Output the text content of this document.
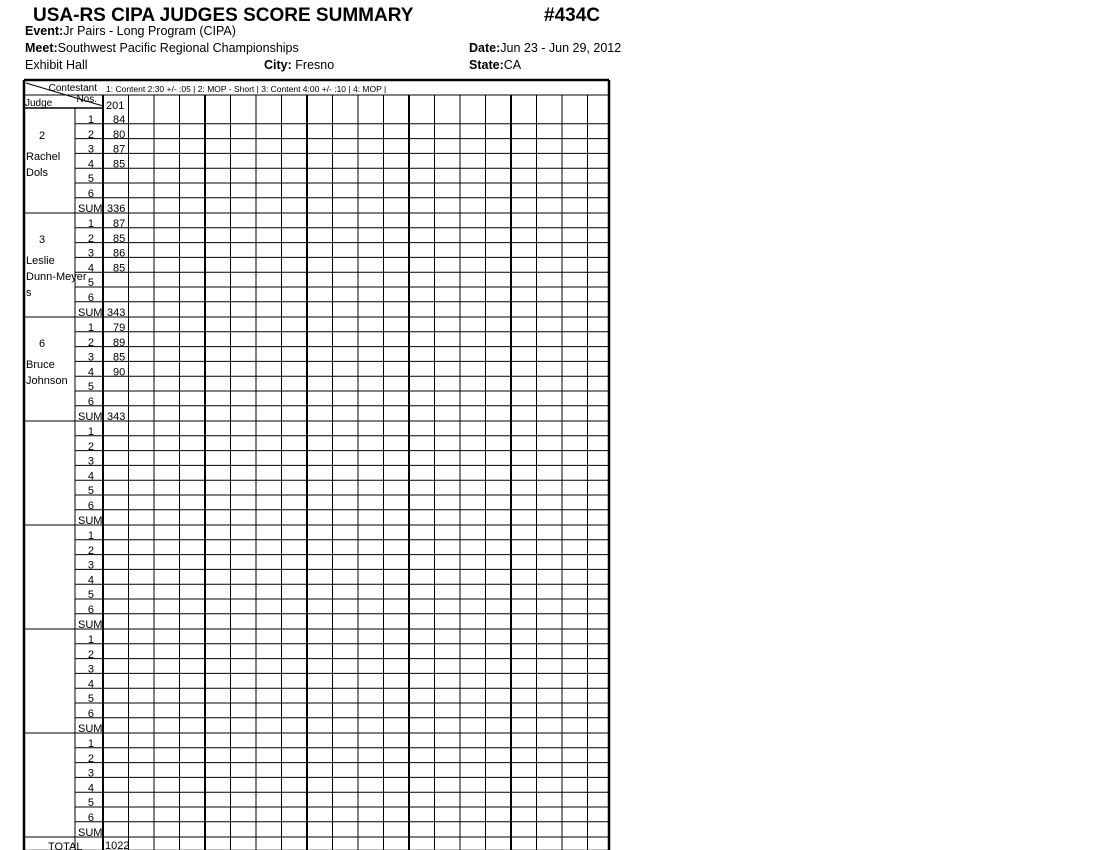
USA-RS CIPA JUDGES SCORE SUMMARY	#434C
Event:Jr Pairs - Long Program (CIPA)
Meet:Southwest Pacific Regional Championships	Date:Jun 23 - Jun 29, 2012
Exhibit Hall	City: Fresno	State:CA
Contestant
Nos.
Judge
1: Content 2:30 +/- :05 | 2: MOP - Short | 3: Content 4:00 +/- :10 | 4: MOP |
201
2
Rachel
Dols
1 84
2 80
3 87
4 85
5
6
SUM 336
3
Leslie
Dunn-Meyer
s
1 87
2 85
3 86
4 85
5
6
SUM 343
6
Bruce
Johnson
1 79
2 89
3 85
4 90
5
6
SUM 343
1
2
3
4
5
6
SUM
1
2
3
4
5
6
SUM
1
2
3
4
5
6
SUM
1
2
3
4
5
6
SUM
TOTAL 1022
